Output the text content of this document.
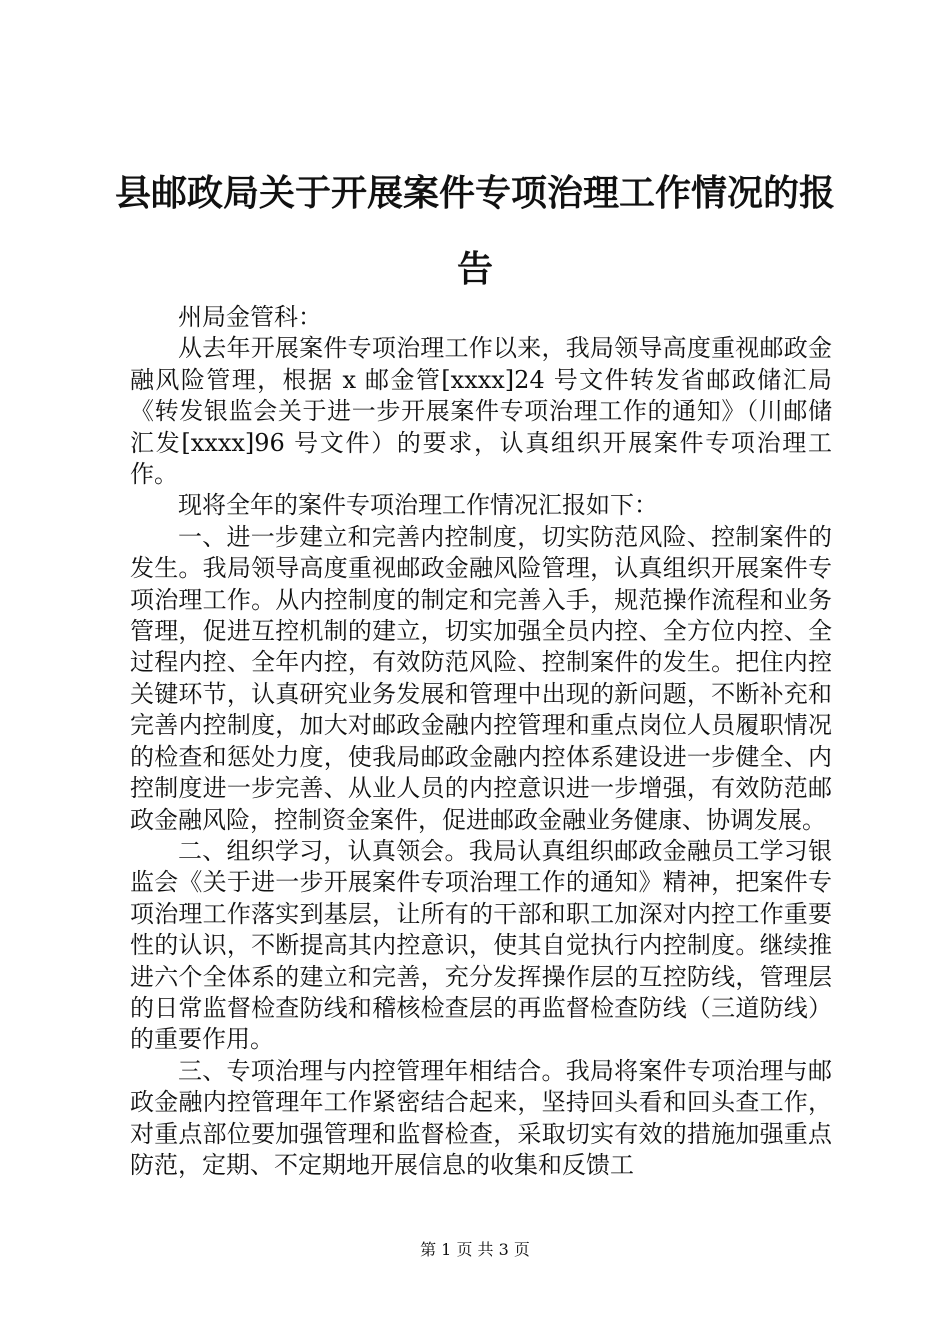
县邮政局关于开展案件专项治理工作情况的报告

州局金管科：

从去年开展案件专项治理工作以来，我局领导高度重视邮政金融风险管理，根据 x 邮金管[xxxx]24 号文件转发省邮政储汇局《转发银监会关于进一步开展案件专项治理工作的通知》（川邮储汇发[xxxx]96 号文件）的要求，认真组织开展案件专项治理工作。

现将全年的案件专项治理工作情况汇报如下：

一、进一步建立和完善内控制度，切实防范风险、控制案件的发生。我局领导高度重视邮政金融风险管理，认真组织开展案件专项治理工作。从内控制度的制定和完善入手，规范操作流程和业务管理，促进互控机制的建立，切实加强全员内控、全方位内控、全过程内控、全年内控，有效防范风险、控制案件的发生。把住内控关键环节，认真研究业务发展和管理中出现的新问题，不断补充和完善内控制度，加大对邮政金融内控管理和重点岗位人员履职情况的检查和惩处力度，使我局邮政金融内控体系建设进一步健全、内控制度进一步完善、从业人员的内控意识进一步增强，有效防范邮政金融风险，控制资金案件，促进邮政金融业务健康、协调发展。

二、组织学习，认真领会。我局认真组织邮政金融员工学习银监会《关于进一步开展案件专项治理工作的通知》精神，把案件专项治理工作落实到基层，让所有的干部和职工加深对内控工作重要性的认识，不断提高其内控意识，使其自觉执行内控制度。继续推进六个全体系的建立和完善，充分发挥操作层的互控防线，管理层的日常监督检查防线和稽核检查层的再监督检查防线（三道防线）的重要作用。

三、专项治理与内控管理年相结合。我局将案件专项治理与邮政金融内控管理年工作紧密结合起来，坚持回头看和回头查工作，对重点部位要加强管理和监督检查，采取切实有效的措施加强重点防范，定期、不定期地开展信息的收集和反馈工

第 1 页 共 3 页
